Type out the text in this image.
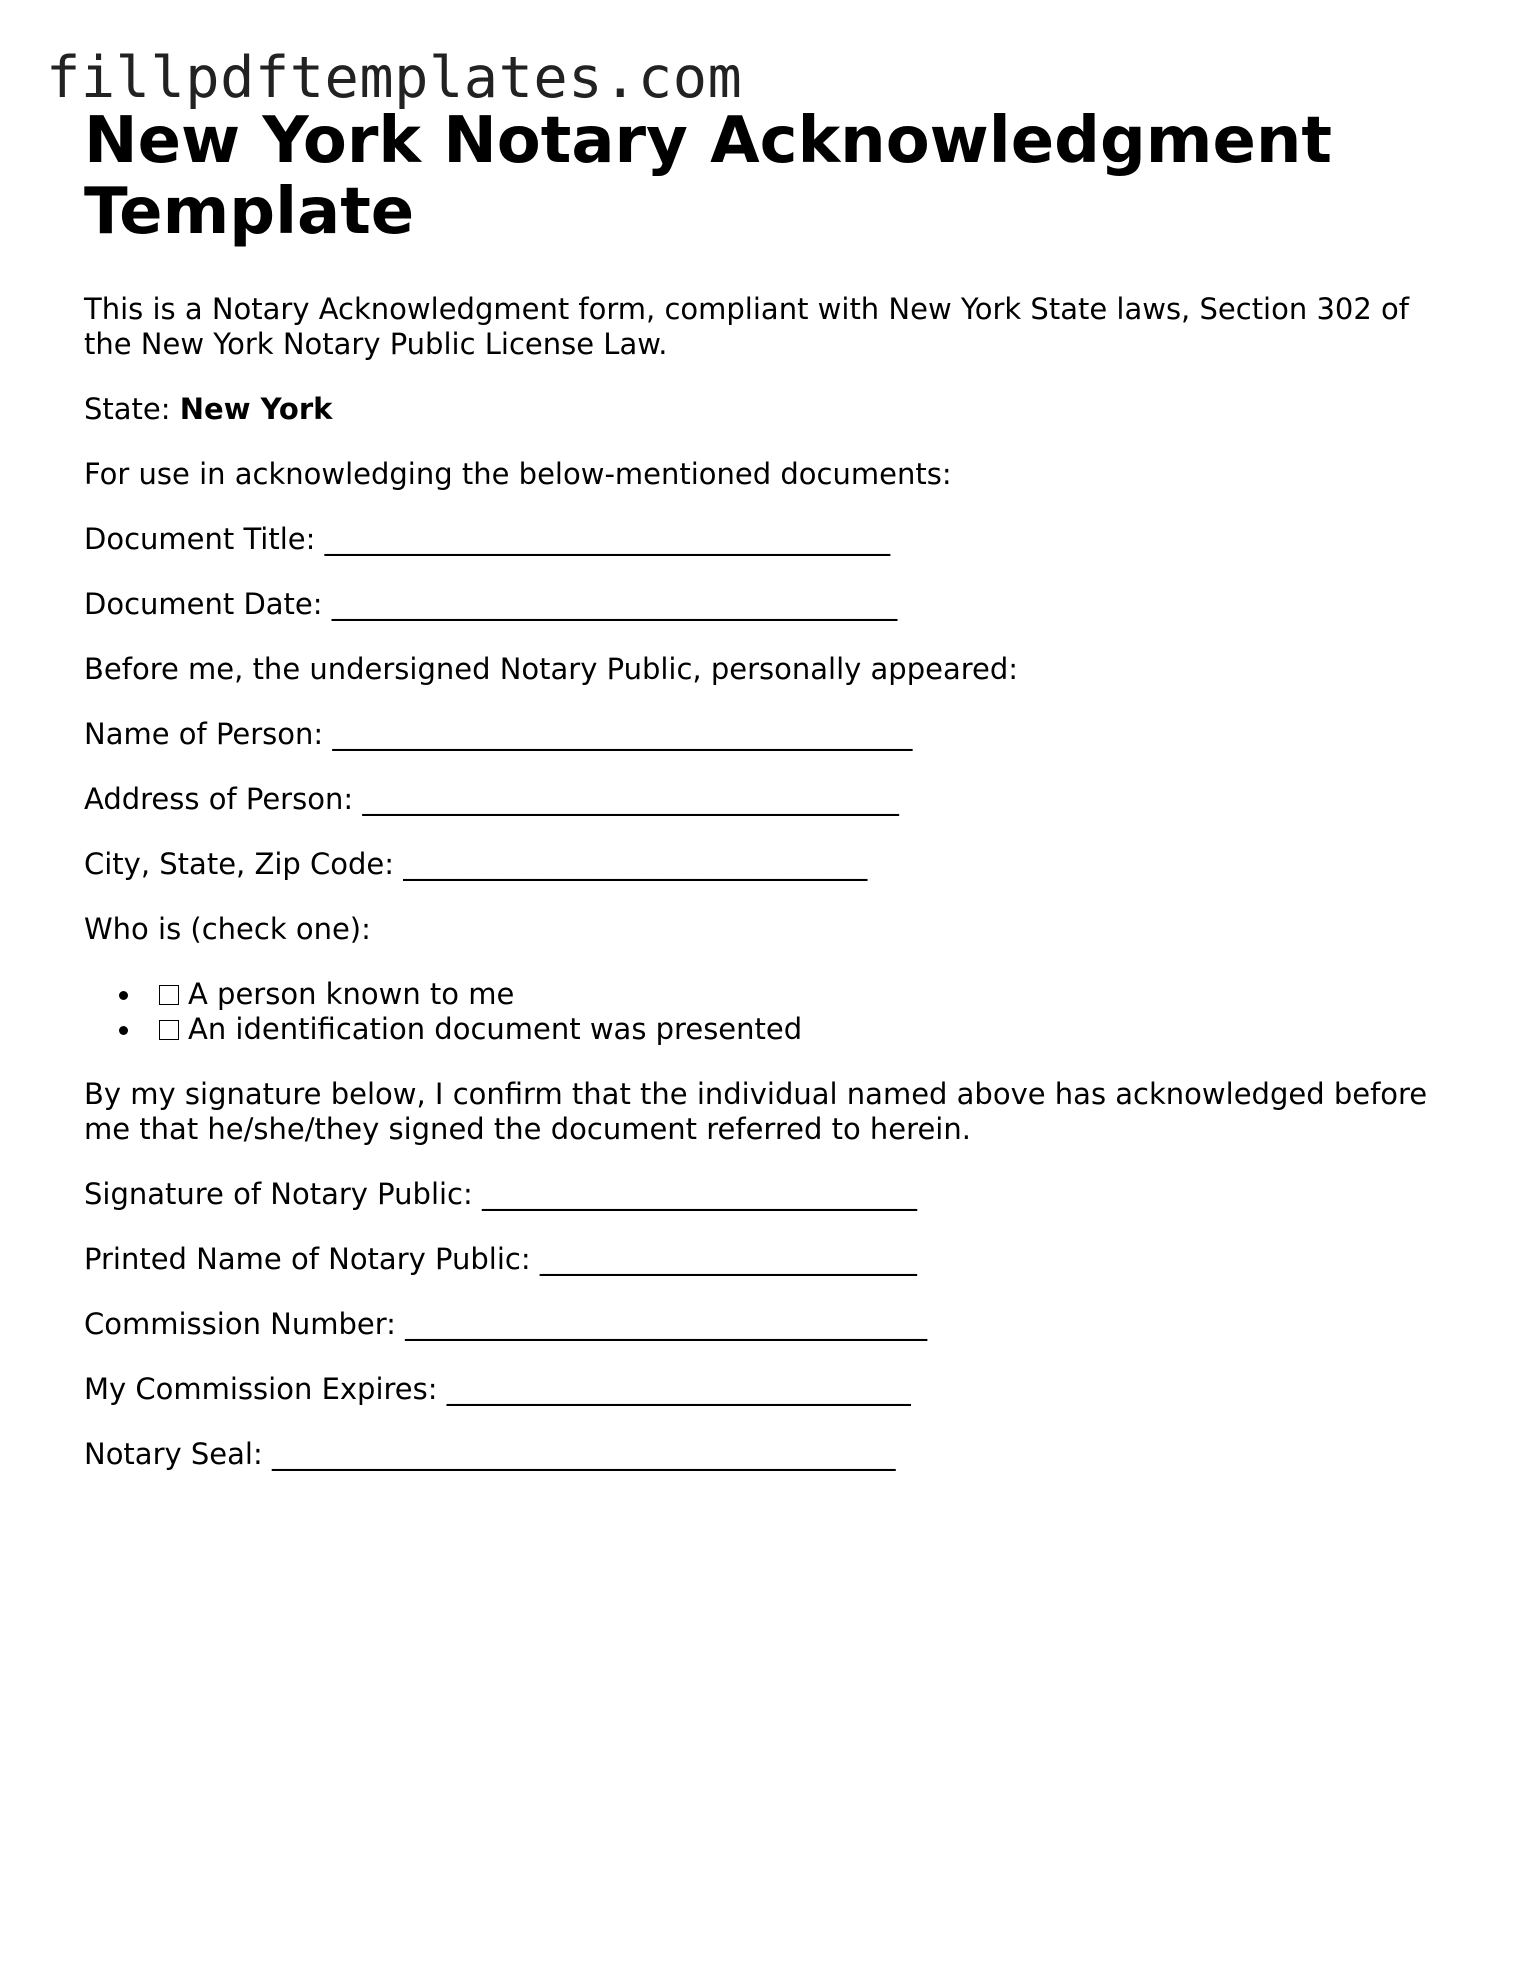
fillpdftemplates.com
New York Notary Acknowledgment Template

This is a Notary Acknowledgment form, compliant with New York State laws, Section 302 of the New York Notary Public License Law.

State: New York

For use in acknowledging the below-mentioned documents:

Document Title: _______________________________________

Document Date: _______________________________________

Before me, the undersigned Notary Public, personally appeared:

Name of Person: ________________________________________

Address of Person: _____________________________________

City, State, Zip Code: ________________________________

Who is (check one):

A person known to me
An identification document was presented

By my signature below, I confirm that the individual named above has acknowledged before me that he/she/they signed the document referred to herein.

Signature of Notary Public: ______________________________

Printed Name of Notary Public: __________________________

Commission Number: ____________________________________

My Commission Expires: ________________________________

Notary Seal: ___________________________________________
